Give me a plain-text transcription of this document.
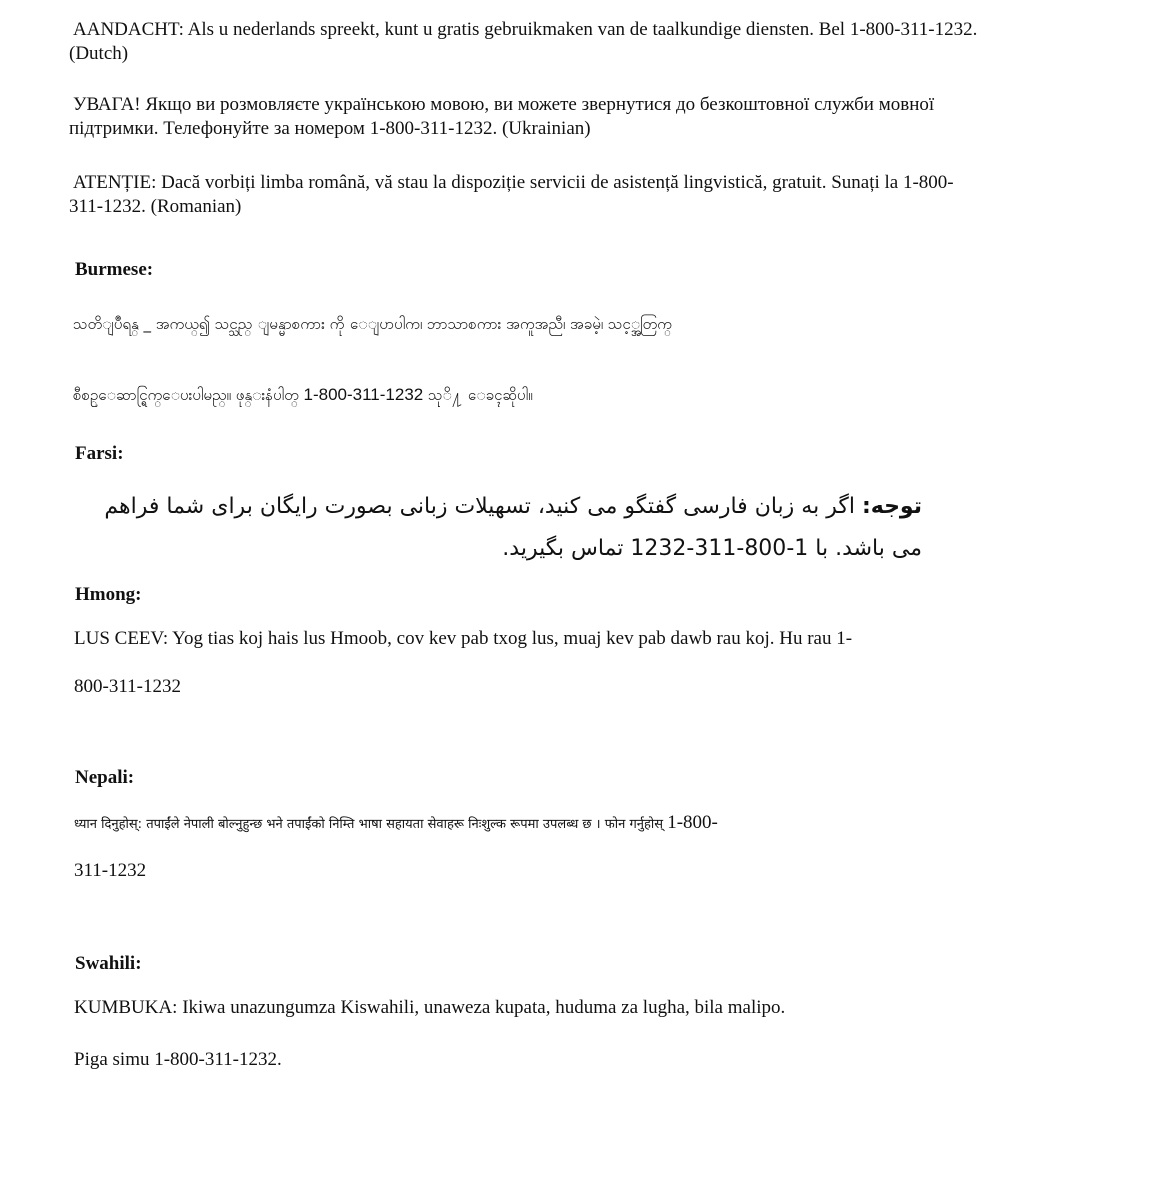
AANDACHT: Als u nederlands spreekt, kunt u gratis gebruikmaken van de taalkundige diensten. Bel 1-800-311-1232.
(Dutch)
УВАГА! Якщо ви розмовляєте українською мовою, ви можете звернутися до безкоштовної служби мовної
підтримки. Телефонуйте за номером 1-800-311-1232. (Ukrainian)
ATENȚIE: Dacă vorbiți limba română, vă stau la dispoziție servicii de asistență lingvistică, gratuit. Sunați la 1-800-
311-1232. (Romanian)
Burmese:
သတိျပဳရန္ _ အကယ္၍ သင္သည္ ျမန္မာစကား ကို ေျပာပါက၊ ဘာသာစကား အကူအညီ၊ အခမဲ့၊ သင့္အတြက္
စီစဥ္ေဆာင္ရြက္ေပးပါမည္။ ဖုန္းနံပါတ္ 1-800-311-1232 သုိ႔ ေခၚဆိုပါ။
Farsi:
توجه: اگر به زبان فارسی گفتگو می کنید، تسهیلات زبانی بصورت رایگان برای شما فراهم
می باشد. با 1-800-311-1232 تماس بگیرید.
Hmong:
LUS CEEV: Yog tias koj hais lus Hmoob, cov kev pab txog lus, muaj kev pab dawb rau koj. Hu rau 1-
800-311-1232
Nepali:
ध्यान दिनुहोस्: तपाईंले नेपाली बोल्नुहुन्छ भने तपाईंको निम्ति भाषा सहायता सेवाहरू निःशुल्क रूपमा उपलब्ध छ । फोन गर्नुहोस् 1-800-
311-1232
Swahili:
KUMBUKA: Ikiwa unazungumza Kiswahili, unaweza kupata, huduma za lugha, bila malipo.
Piga simu 1-800-311-1232.
